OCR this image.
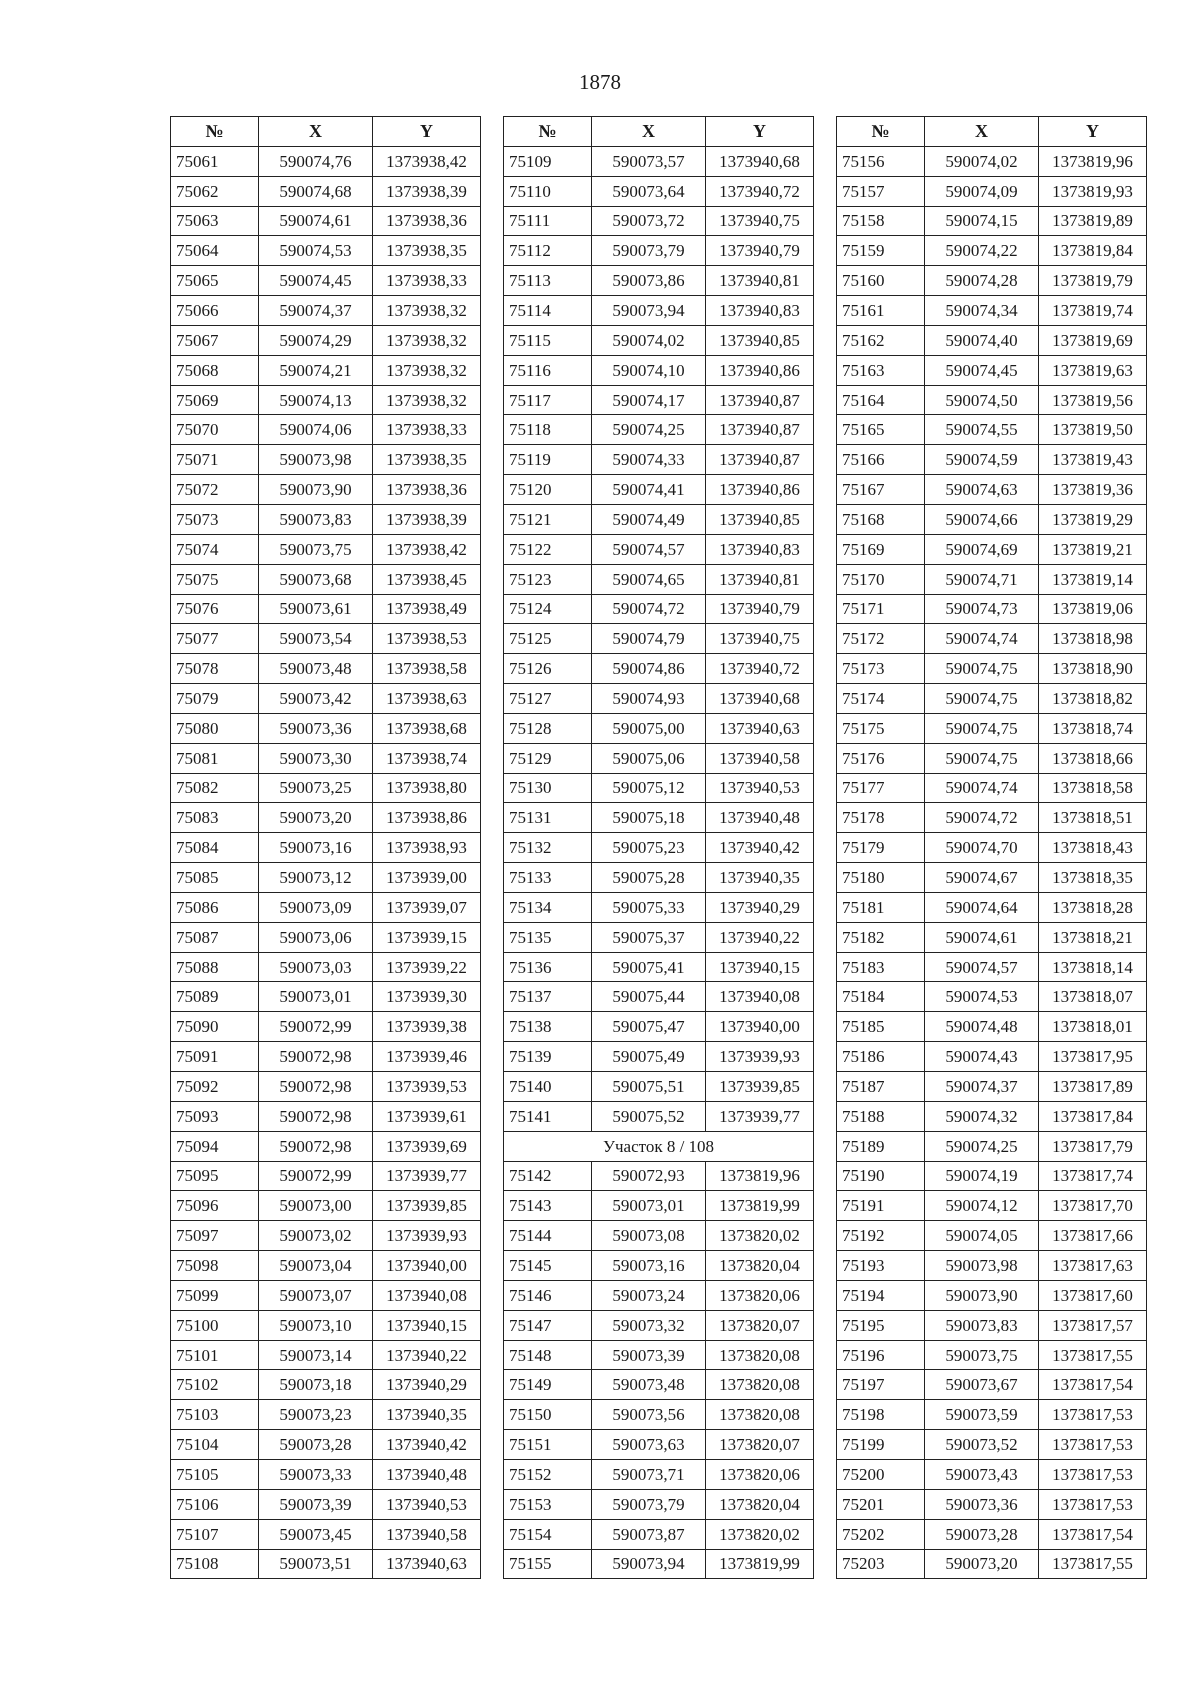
1878
№	X	Y
75061	590074,76	1373938,42
75062	590074,68	1373938,39
75063	590074,61	1373938,36
75064	590074,53	1373938,35
75065	590074,45	1373938,33
75066	590074,37	1373938,32
75067	590074,29	1373938,32
75068	590074,21	1373938,32
75069	590074,13	1373938,32
75070	590074,06	1373938,33
75071	590073,98	1373938,35
75072	590073,90	1373938,36
75073	590073,83	1373938,39
75074	590073,75	1373938,42
75075	590073,68	1373938,45
75076	590073,61	1373938,49
75077	590073,54	1373938,53
75078	590073,48	1373938,58
75079	590073,42	1373938,63
75080	590073,36	1373938,68
75081	590073,30	1373938,74
75082	590073,25	1373938,80
75083	590073,20	1373938,86
75084	590073,16	1373938,93
75085	590073,12	1373939,00
75086	590073,09	1373939,07
75087	590073,06	1373939,15
75088	590073,03	1373939,22
75089	590073,01	1373939,30
75090	590072,99	1373939,38
75091	590072,98	1373939,46
75092	590072,98	1373939,53
75093	590072,98	1373939,61
75094	590072,98	1373939,69
75095	590072,99	1373939,77
75096	590073,00	1373939,85
75097	590073,02	1373939,93
75098	590073,04	1373940,00
75099	590073,07	1373940,08
75100	590073,10	1373940,15
75101	590073,14	1373940,22
75102	590073,18	1373940,29
75103	590073,23	1373940,35
75104	590073,28	1373940,42
75105	590073,33	1373940,48
75106	590073,39	1373940,53
75107	590073,45	1373940,58
75108	590073,51	1373940,63
№	X	Y
75109	590073,57	1373940,68
75110	590073,64	1373940,72
75111	590073,72	1373940,75
75112	590073,79	1373940,79
75113	590073,86	1373940,81
75114	590073,94	1373940,83
75115	590074,02	1373940,85
75116	590074,10	1373940,86
75117	590074,17	1373940,87
75118	590074,25	1373940,87
75119	590074,33	1373940,87
75120	590074,41	1373940,86
75121	590074,49	1373940,85
75122	590074,57	1373940,83
75123	590074,65	1373940,81
75124	590074,72	1373940,79
75125	590074,79	1373940,75
75126	590074,86	1373940,72
75127	590074,93	1373940,68
75128	590075,00	1373940,63
75129	590075,06	1373940,58
75130	590075,12	1373940,53
75131	590075,18	1373940,48
75132	590075,23	1373940,42
75133	590075,28	1373940,35
75134	590075,33	1373940,29
75135	590075,37	1373940,22
75136	590075,41	1373940,15
75137	590075,44	1373940,08
75138	590075,47	1373940,00
75139	590075,49	1373939,93
75140	590075,51	1373939,85
75141	590075,52	1373939,77
Участок 8 / 108		
75142	590072,93	1373819,96
75143	590073,01	1373819,99
75144	590073,08	1373820,02
75145	590073,16	1373820,04
75146	590073,24	1373820,06
75147	590073,32	1373820,07
75148	590073,39	1373820,08
75149	590073,48	1373820,08
75150	590073,56	1373820,08
75151	590073,63	1373820,07
75152	590073,71	1373820,06
75153	590073,79	1373820,04
75154	590073,87	1373820,02
75155	590073,94	1373819,99
№	X	Y
75156	590074,02	1373819,96
75157	590074,09	1373819,93
75158	590074,15	1373819,89
75159	590074,22	1373819,84
75160	590074,28	1373819,79
75161	590074,34	1373819,74
75162	590074,40	1373819,69
75163	590074,45	1373819,63
75164	590074,50	1373819,56
75165	590074,55	1373819,50
75166	590074,59	1373819,43
75167	590074,63	1373819,36
75168	590074,66	1373819,29
75169	590074,69	1373819,21
75170	590074,71	1373819,14
75171	590074,73	1373819,06
75172	590074,74	1373818,98
75173	590074,75	1373818,90
75174	590074,75	1373818,82
75175	590074,75	1373818,74
75176	590074,75	1373818,66
75177	590074,74	1373818,58
75178	590074,72	1373818,51
75179	590074,70	1373818,43
75180	590074,67	1373818,35
75181	590074,64	1373818,28
75182	590074,61	1373818,21
75183	590074,57	1373818,14
75184	590074,53	1373818,07
75185	590074,48	1373818,01
75186	590074,43	1373817,95
75187	590074,37	1373817,89
75188	590074,32	1373817,84
75189	590074,25	1373817,79
75190	590074,19	1373817,74
75191	590074,12	1373817,70
75192	590074,05	1373817,66
75193	590073,98	1373817,63
75194	590073,90	1373817,60
75195	590073,83	1373817,57
75196	590073,75	1373817,55
75197	590073,67	1373817,54
75198	590073,59	1373817,53
75199	590073,52	1373817,53
75200	590073,43	1373817,53
75201	590073,36	1373817,53
75202	590073,28	1373817,54
75203	590073,20	1373817,55
